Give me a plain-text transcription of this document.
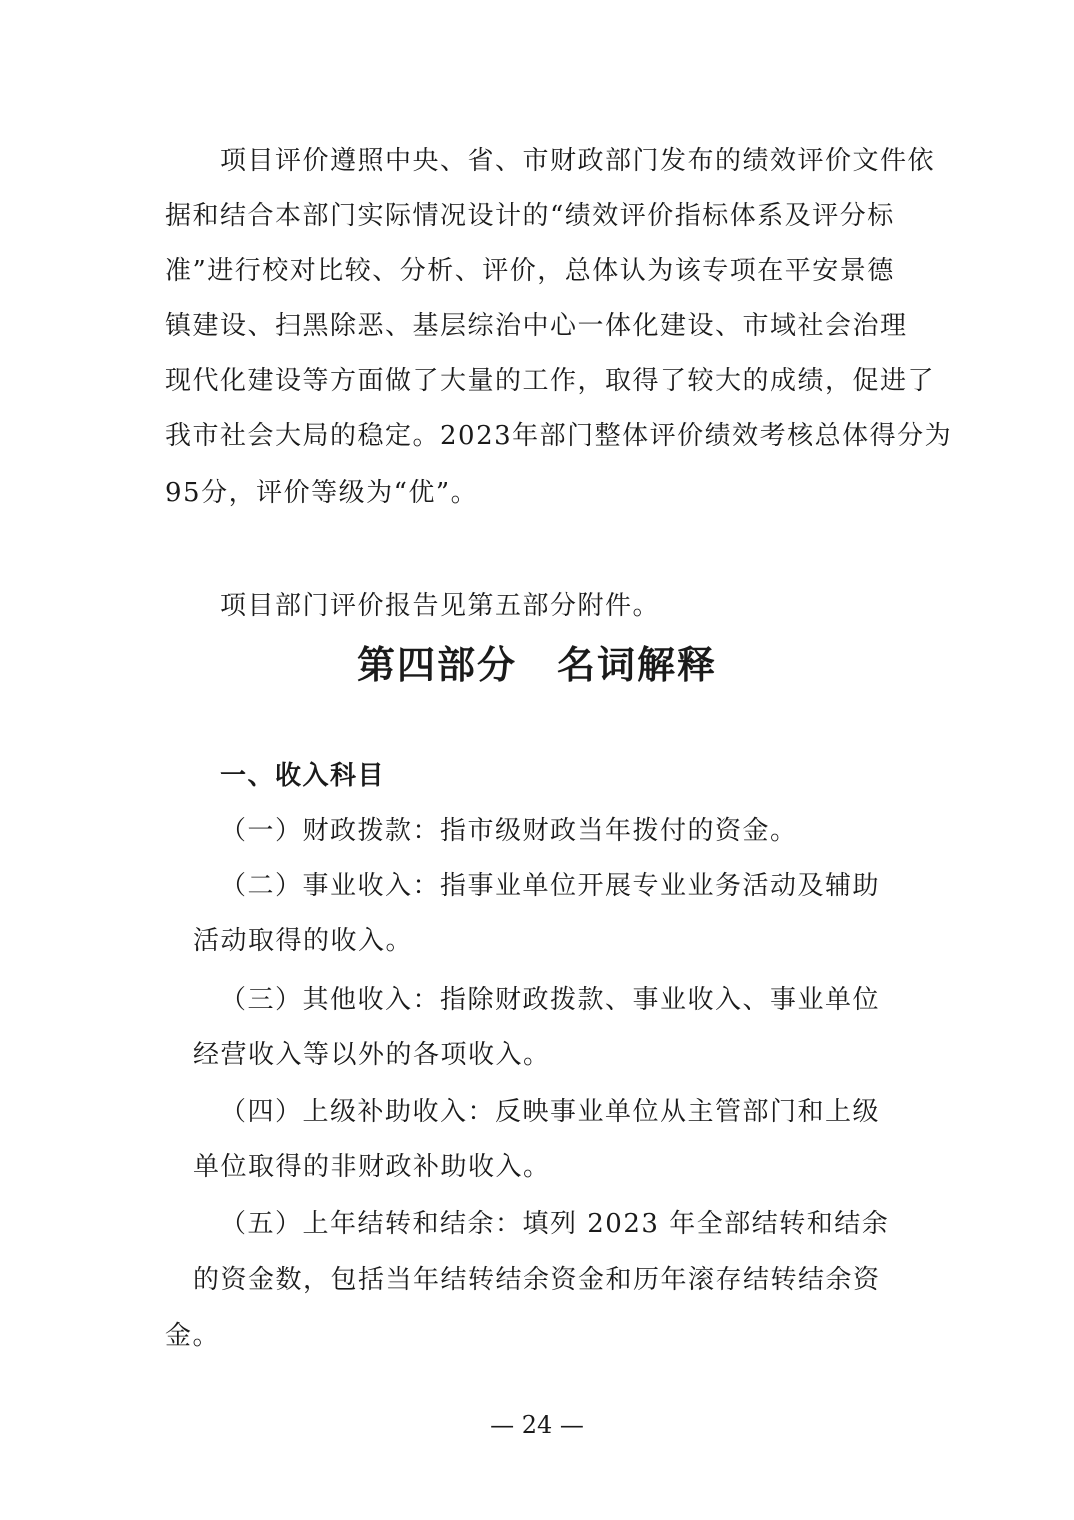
项目评价遵照中央、省、市财政部门发布的绩效评价文件依
据和结合本部门实际情况设计的“绩效评价指标体系及评分标
准”进行校对比较、分析、评价，总体认为该专项在平安景德
镇建设、扫黑除恶、基层综治中心一体化建设、市域社会治理
现代化建设等方面做了大量的工作，取得了较大的成绩，促进了
我市社会大局的稳定。2023年部门整体评价绩效考核总体得分为
95分，评价等级为“优”。
项目部门评价报告见第五部分附件。
第四部分　名词解释
一、收入科目
（一）财政拨款：指市级财政当年拨付的资金。
（二）事业收入：指事业单位开展专业业务活动及辅助
活动取得的收入。
（三）其他收入：指除财政拨款、事业收入、事业单位
经营收入等以外的各项收入。
（四）上级补助收入：反映事业单位从主管部门和上级
单位取得的非财政补助收入。
（五）上年结转和结余：填列 2023 年全部结转和结余
的资金数，包括当年结转结余资金和历年滚存结转结余资
金。
— 24 —
